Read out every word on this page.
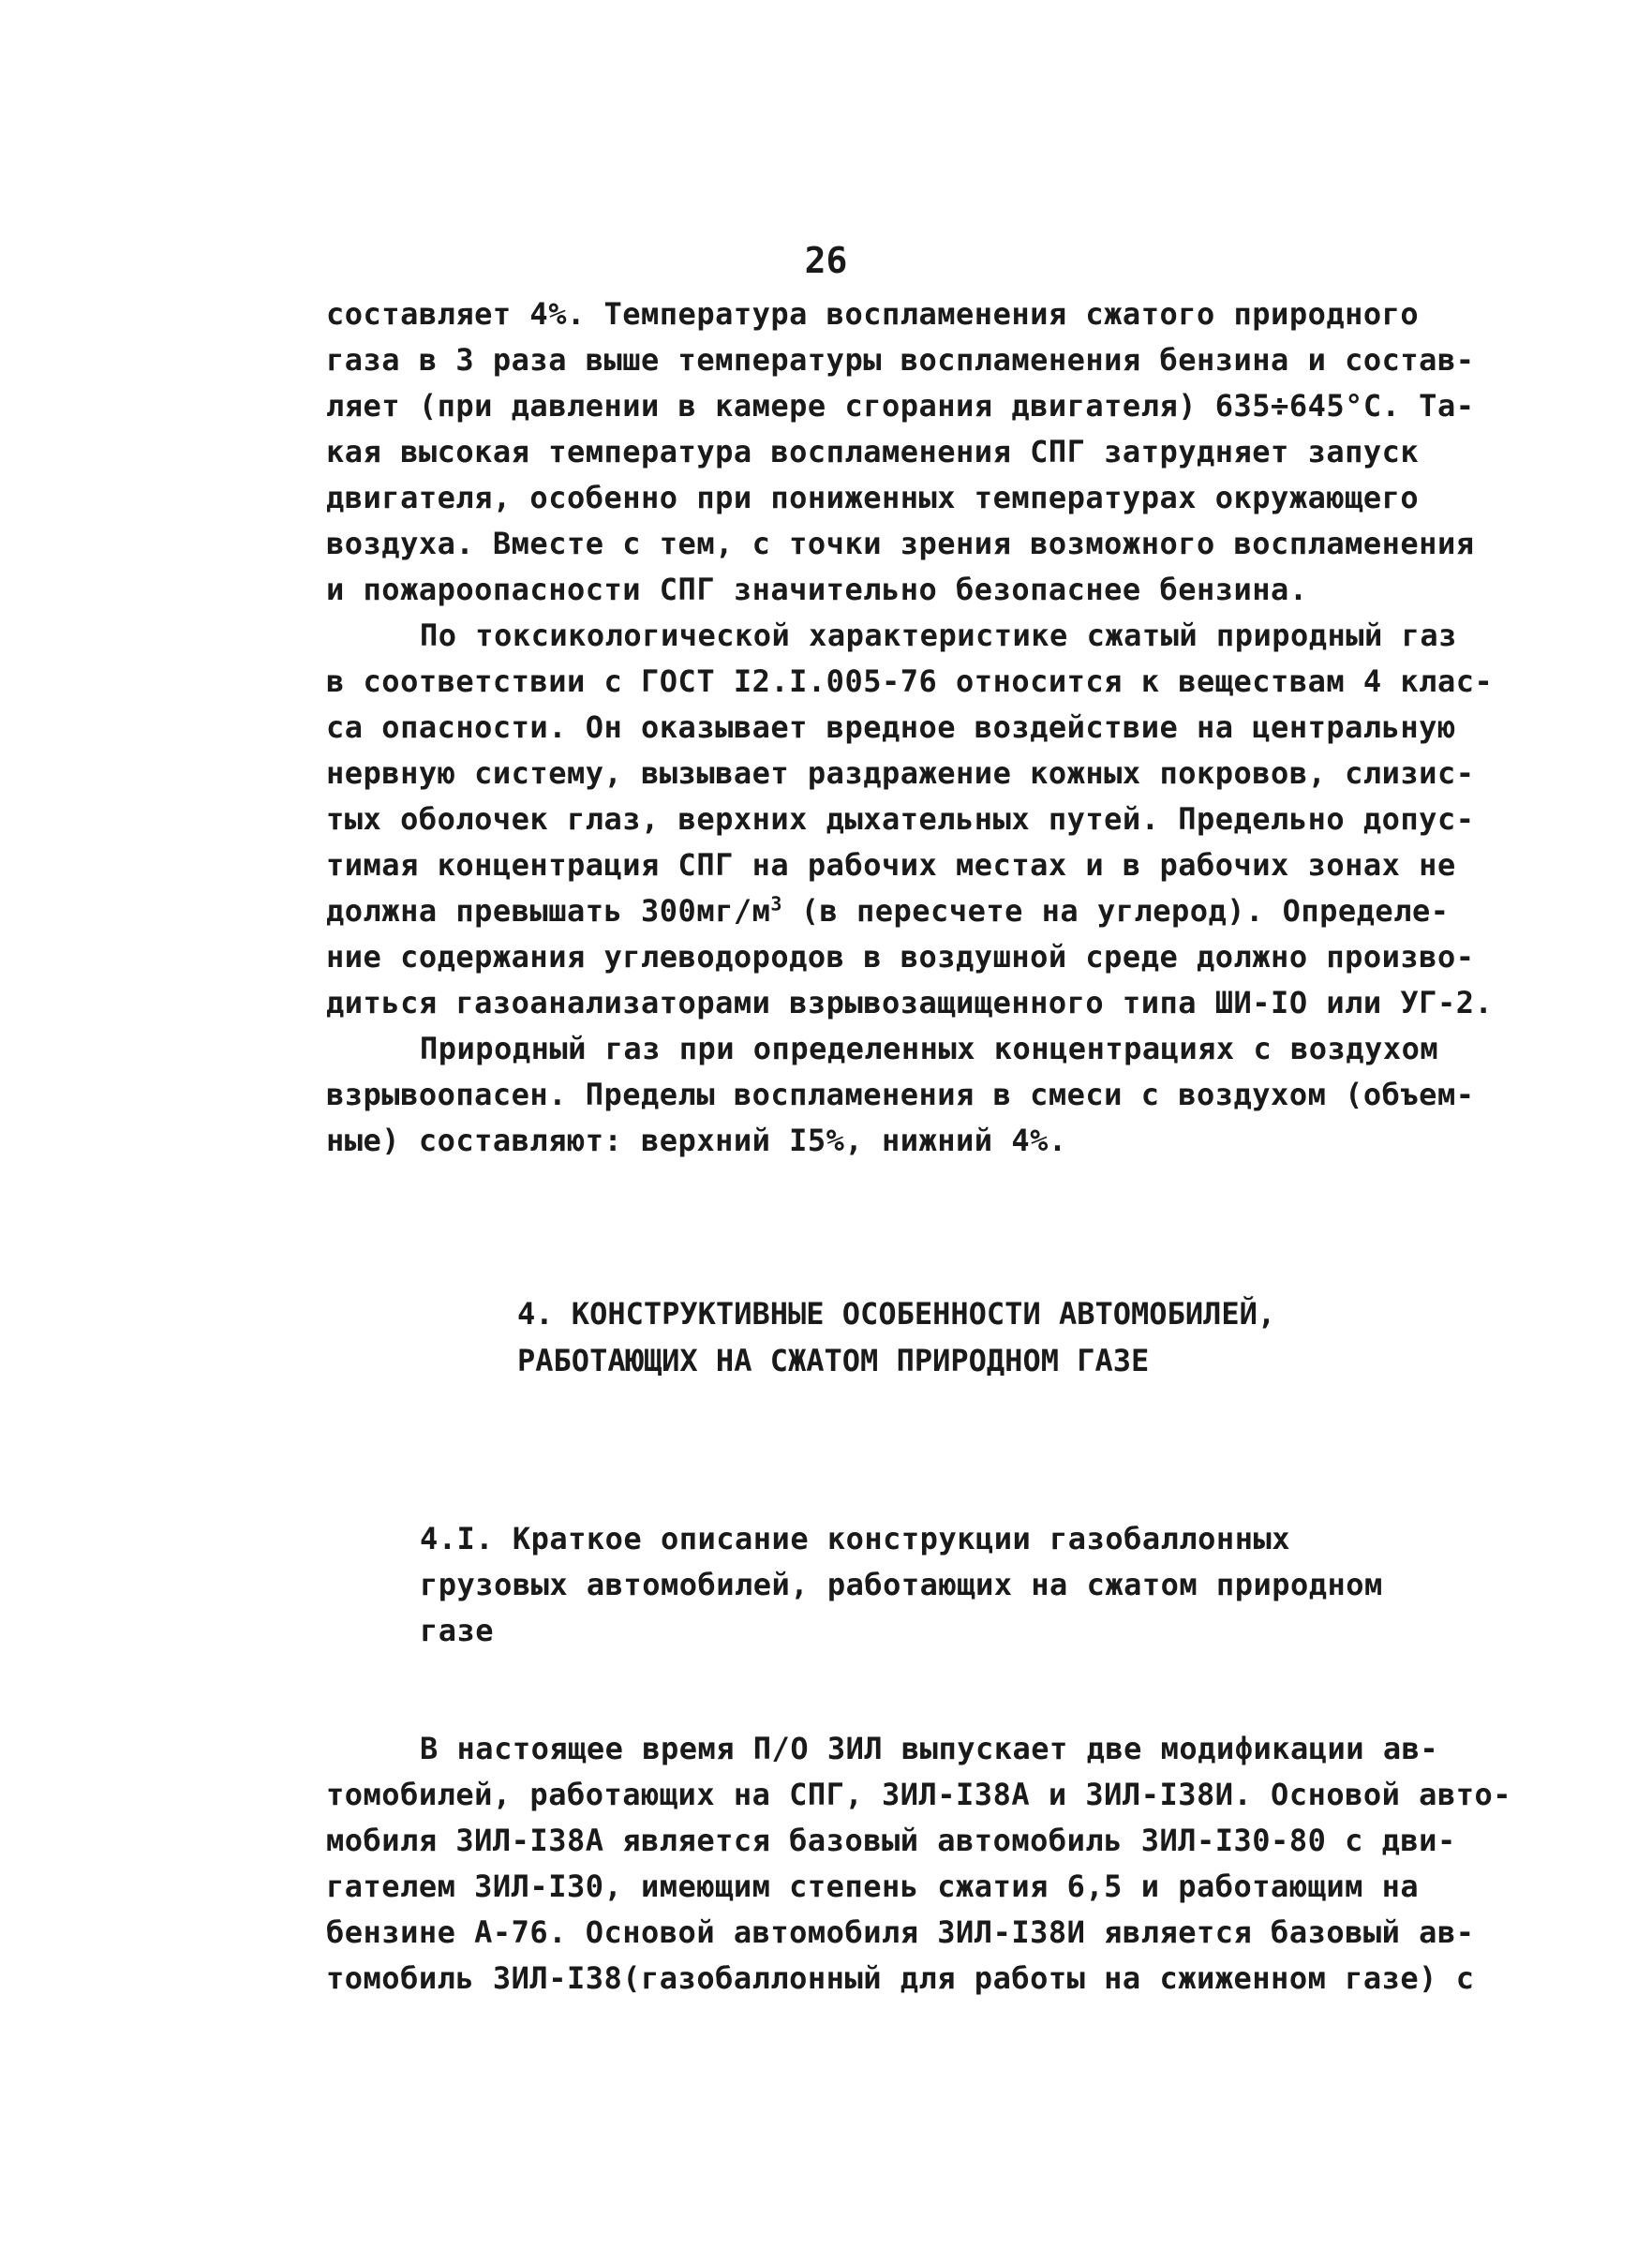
26
составляет 4%. Температура воспламенения сжатого природного
газа в 3 раза выше температуры воспламенения бензина и состав-
ляет (при давлении в камере сгорания двигателя) 635÷645°С. Та-
кая высокая температура воспламенения СПГ затрудняет запуск
двигателя, особенно при пониженных температурах окружающего
воздуха. Вместе с тем, с точки зрения возможного воспламенения
и пожароопасности СПГ значительно безопаснее бензина.
По токсикологической характеристике сжатый природный газ
в соответствии с ГОСТ I2.I.005-76 относится к веществам 4 клас-
са опасности. Он оказывает вредное воздействие на центральную
нервную систему, вызывает раздражение кожных покровов, слизис-
тых оболочек глаз, верхних дыхательных путей. Предельно допус-
тимая концентрация СПГ на рабочих местах и в рабочих зонах не
должна превышать $300мг/м^3$ (в пересчете на углерод). Определе-
ние содержания углеводородов в воздушной среде должно произво-
диться газоанализаторами взрывозащищенного типа ШИ-IO или УГ-2.
Природный газ при определенных концентрациях с воздухом
взрывоопасен. Пределы воспламенения в смеси с воздухом (объем-
ные) составляют: верхний I5%, нижний 4%.
4. КОНСТРУКТИВНЫЕ ОСОБЕННОСТИ АВТОМОБИЛЕЙ,
РАБОТАЮЩИХ НА СЖАТОМ ПРИРОДНОМ ГАЗЕ
4.I. Краткое описание конструкции газобаллонных
грузовых автомобилей, работающих на сжатом природном
газе
В настоящее время П/О ЗИЛ выпускает две модификации ав-
томобилей, работающих на СПГ, ЗИЛ-I38А и ЗИЛ-I38И. Основой авто-
мобиля ЗИЛ-I38А является базовый автомобиль ЗИЛ-I30-80 с дви-
гателем ЗИЛ-I30, имеющим степень сжатия 6,5 и работающим на
бензине А-76. Основой автомобиля ЗИЛ-I38И является базовый ав-
томобиль ЗИЛ-I38(газобаллонный для работы на сжиженном газе) с
